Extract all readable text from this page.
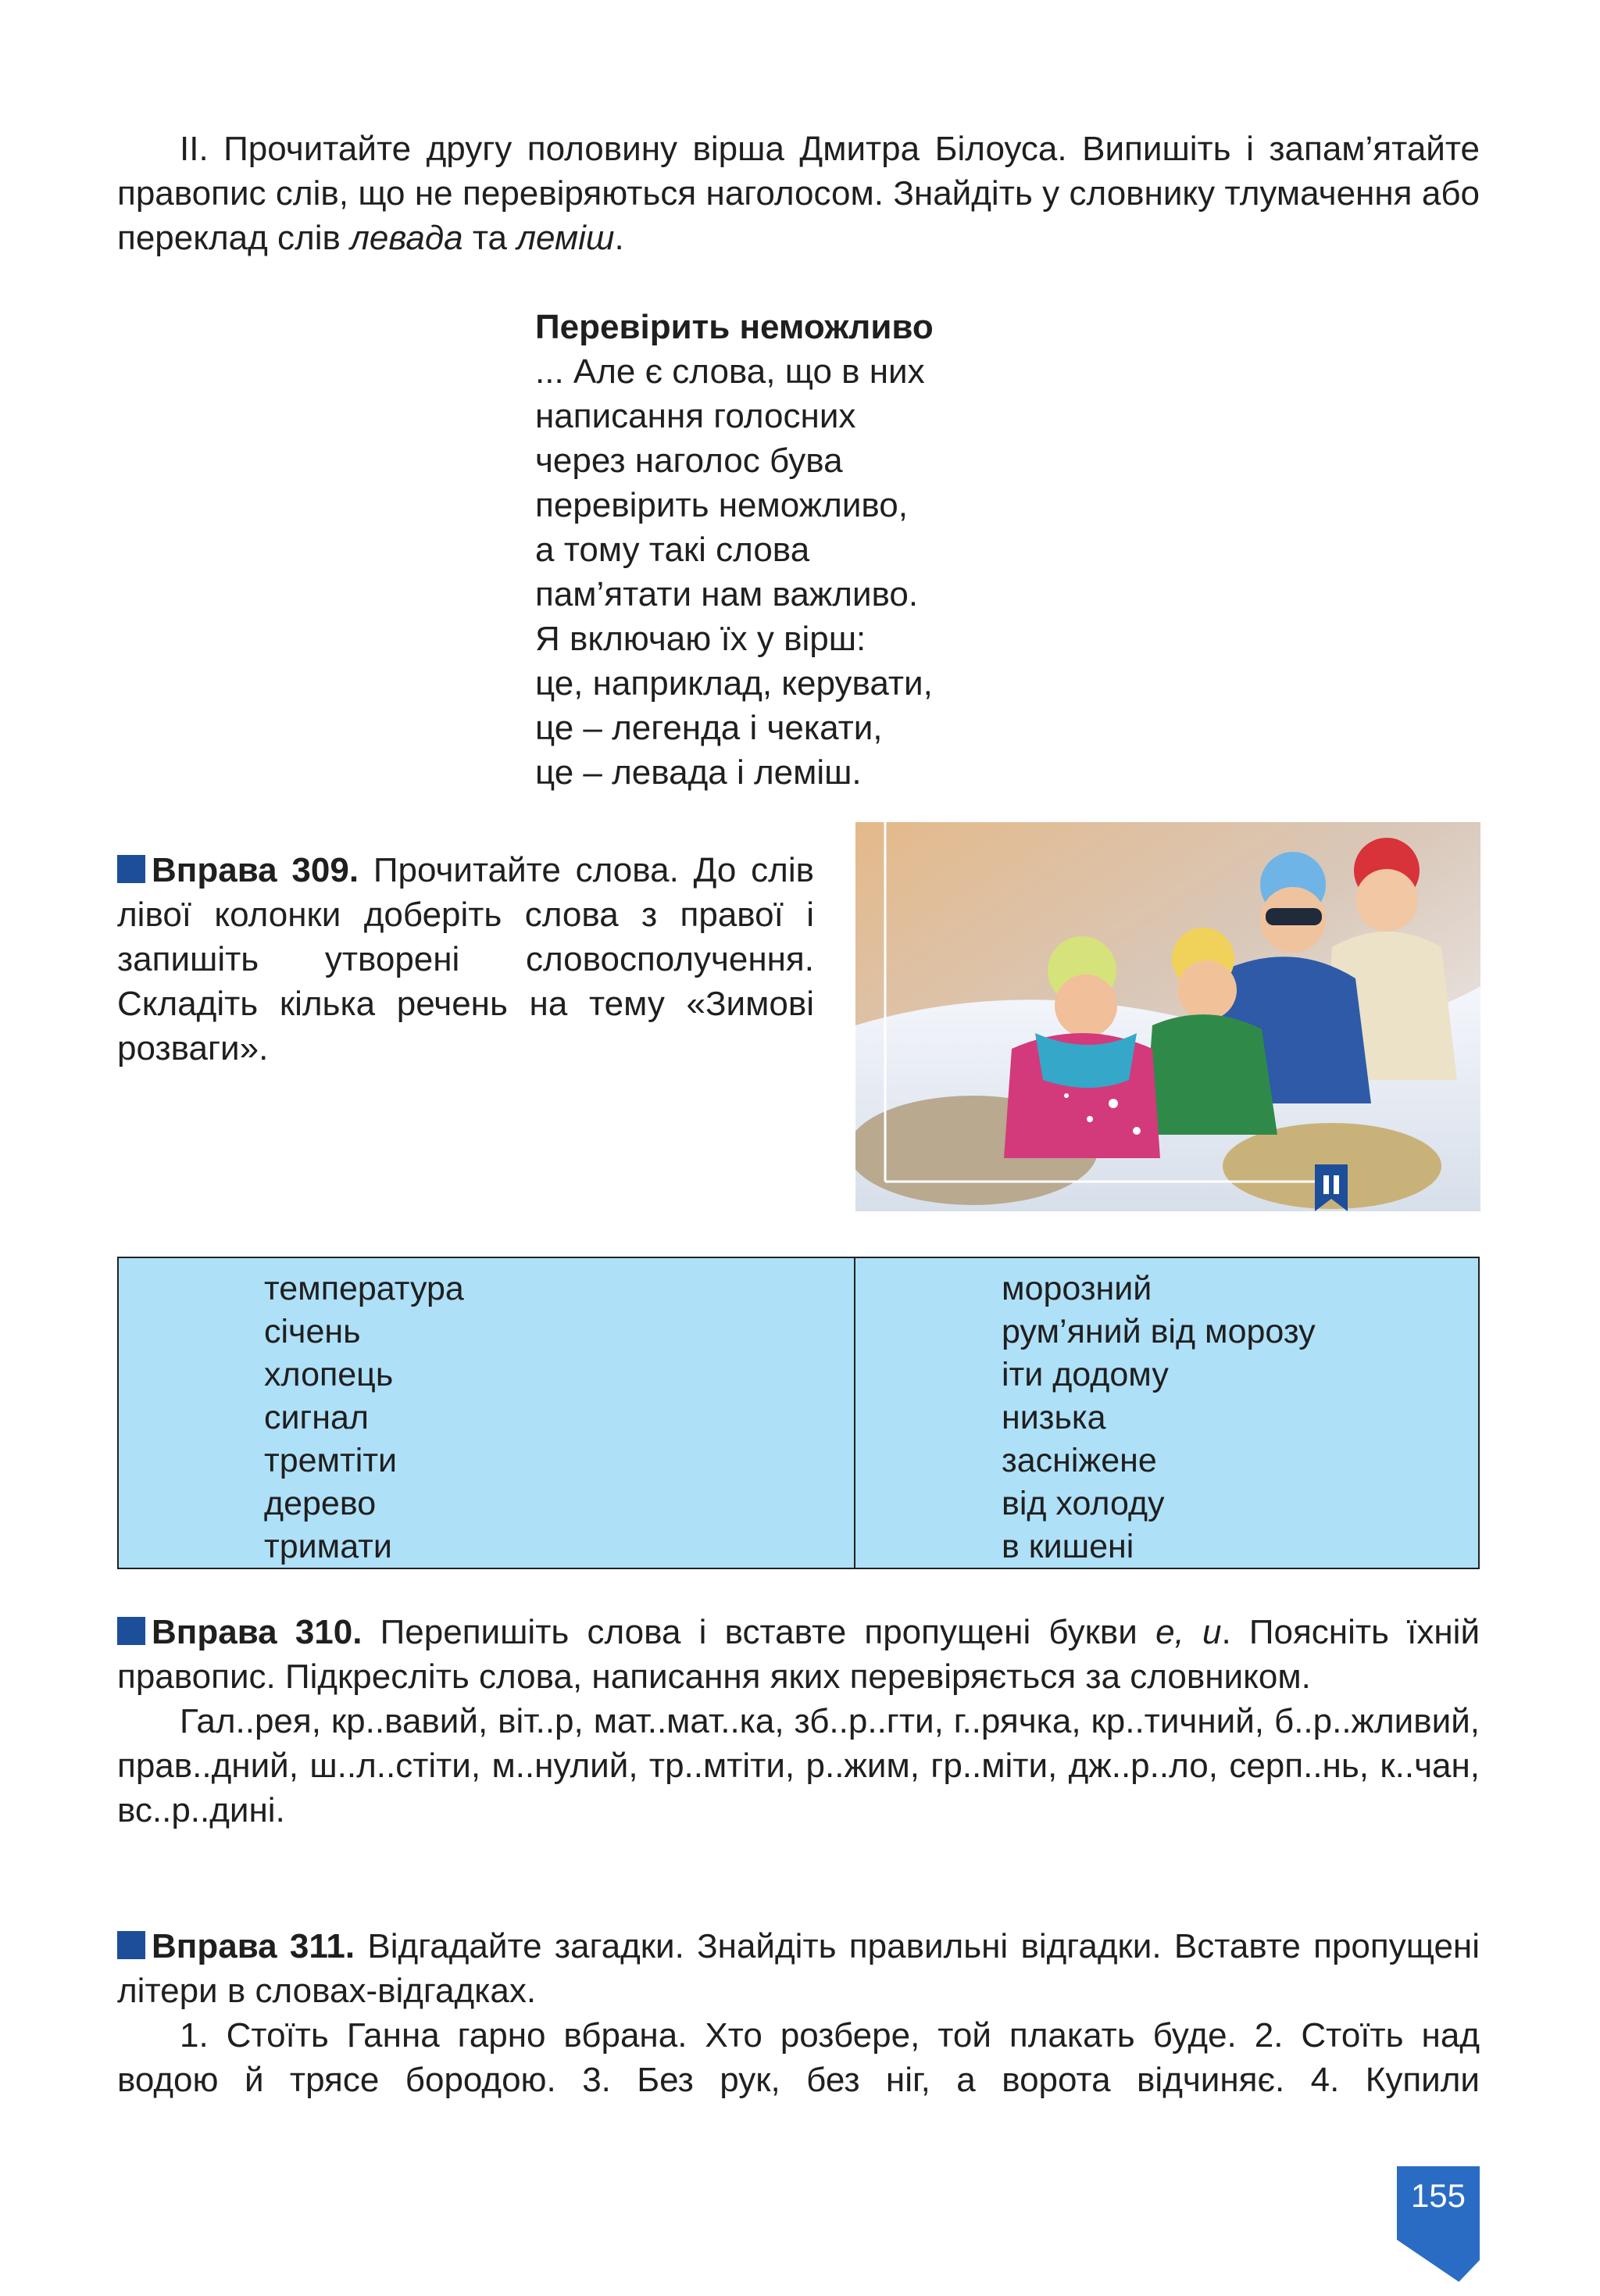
II. Прочитайте другу половину вірша Дмитра Білоуса. Випишіть і запам’ятайте правопис слів, що не перевіряються наголосом. Знайдіть у словнику тлумачення або переклад слів левада та леміш.
Перевірить неможливо
... Але є слова, що в них
написання голосних
через наголос бува
перевірить неможливо,
а тому такі слова
пам’ятати нам важливо.
Я включаю їх у вірш:
це, наприклад, керувати,
це – легенда і чекати,
це – левада і леміш.
Вправа 309. Прочитайте слова. До слів лівої колонки доберіть слова з правої і запишіть утворені словосполучення. Складіть кілька речень на тему «Зимові розваги».
температура
січень
хлопець
сигнал
тремтіти
дерево
тримати
морозний
рум’яний від морозу
іти додому
низька
засніжене
від холоду
в кишені
Вправа 310. Перепишіть слова і вставте пропущені букви е, и. Поясніть їхній правопис. Підкресліть слова, написання яких перевіряється за словником.
Гал..рея, кр..вавий, віт..р, мат..мат..ка, зб..р..гти, г..рячка, кр..тичний, б..р..жливий, прав..дний, ш..л..стіти, м..нулий, тр..мтіти, р..жим, гр..міти, дж..р..ло, серп..нь, к..чан, вс..р..дині.
Вправа 311. Відгадайте загадки. Знайдіть правильні відгадки. Вставте пропущені літери в словах-відгадках.
1. Стоїть Ганна гарно вбрана. Хто розбере, той плакать буде. 2. Стоїть над водою й трясе бородою. 3. Без рук, без ніг, а ворота відчиняє. 4. Купили
155
